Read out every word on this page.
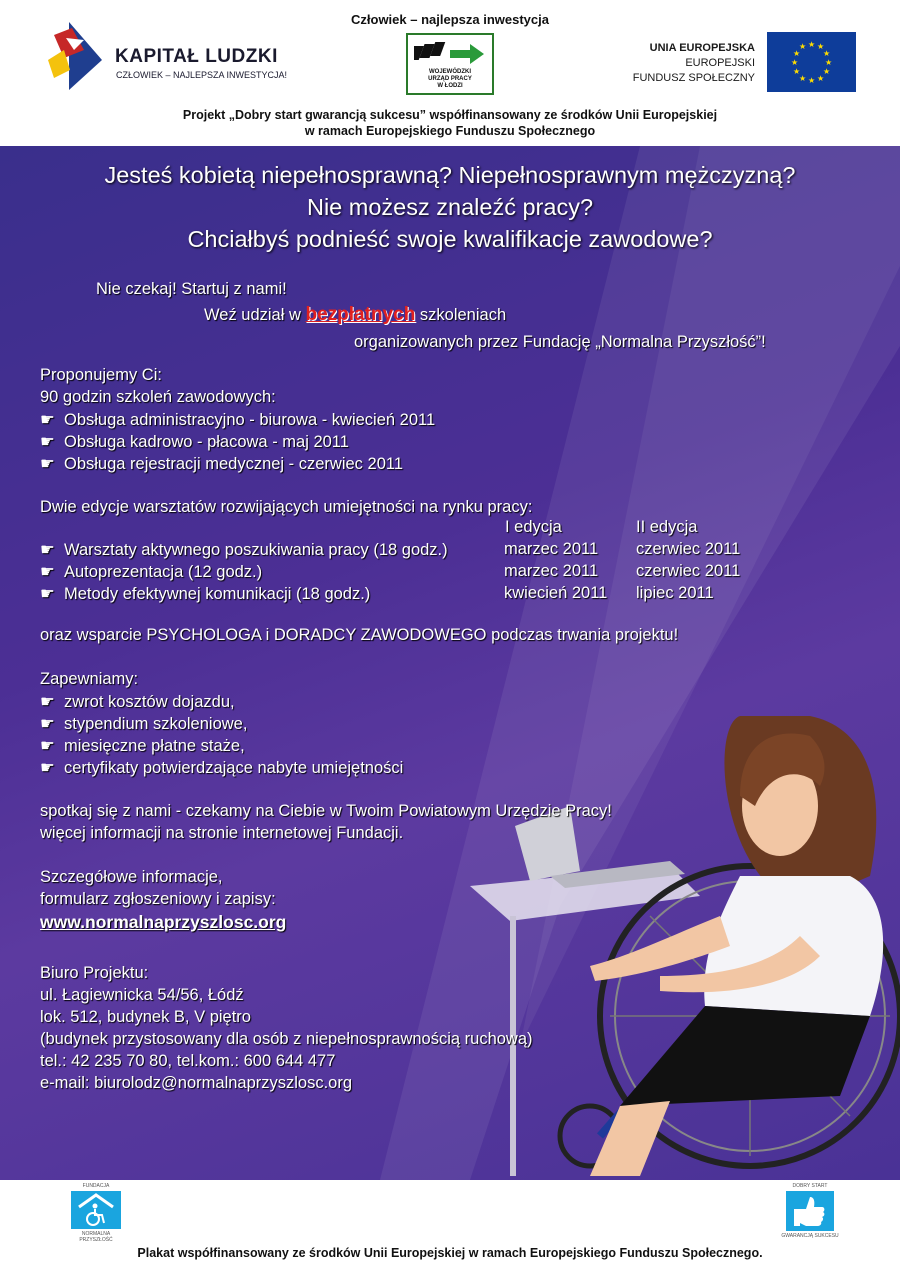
Człowiek – najlepsza inwestycja
KAPITAŁ LUDZKI
CZŁOWIEK – NAJLEPSZA INWESTYCJA!	WOJEWÓDZKI
URZĄD PRACY
W ŁODZI
UNIA EUROPEJSKA
EUROPEJSKI
FUNDUSZ SPOŁECZNY
★ ★
★
★
★
★
★
★
★
★
★
★
Projekt „Dobry start gwarancją sukcesu” współfinansowany ze środków Unii Europejskiej
w ramach Europejskiego Funduszu Społecznego
Jesteś kobietą niepełnosprawną? Niepełnosprawnym mężczyzną?
Nie możesz znaleźć pracy?
Chciałbyś podnieść swoje kwalifikacje zawodowe?
Nie czekaj! Startuj z nami!
Weź udział w bezpłatnych szkoleniach
organizowanych przez Fundację „Normalna Przyszłość”!
Proponujemy Ci:
90 godzin szkoleń zawodowych:
☛ Obsługa administracyjno - biurowa - kwiecień 2011
☛ Obsługa kadrowo - płacowa - maj 2011
☛ Obsługa rejestracji medycznej - czerwiec 2011
Dwie edycje warsztatów rozwijających umiejętności na rynku pracy:
I edycja	II edycja
☛ Warsztaty aktywnego poszukiwania pracy (18 godz.)	marzec 2011 czerwiec 2011
☛ Autoprezentacja (12 godz.)	marzec 2011 czerwiec 2011
☛ Metody efektywnej komunikacji (18 godz.)	kwiecień 2011 lipiec 2011
oraz wsparcie PSYCHOLOGA i DORADCY ZAWODOWEGO podczas trwania projektu!
Zapewniamy:
☛ zwrot kosztów dojazdu,
☛ stypendium szkoleniowe,
☛ miesięczne płatne staże,
☛ certyfikaty potwierdzające nabyte umiejętności
spotkaj się z nami - czekamy na Ciebie w Twoim Powiatowym Urzędzie Pracy!
więcej informacji na stronie internetowej Fundacji.
Szczegółowe informacje,
formularz zgłoszeniowy i zapisy:
www.normalnaprzyszlosc.org
Biuro Projektu:
ul. Łagiewnicka 54/56, Łódź
lok. 512, budynek B, V piętro
(budynek przystosowany dla osób z niepełnosprawnością ruchową)
tel.: 42 235 70 80, tel.kom.: 600 644 477
e-mail: biurolodz@normalnaprzyszlosc.org
FUNDACJA
NORMALNA PRZYSZŁOŚĆ
DOBRY START
GWARANCJĄ SUKCESU
Plakat współfinansowany ze środków Unii Europejskiej w ramach Europejskiego Funduszu Społecznego.
